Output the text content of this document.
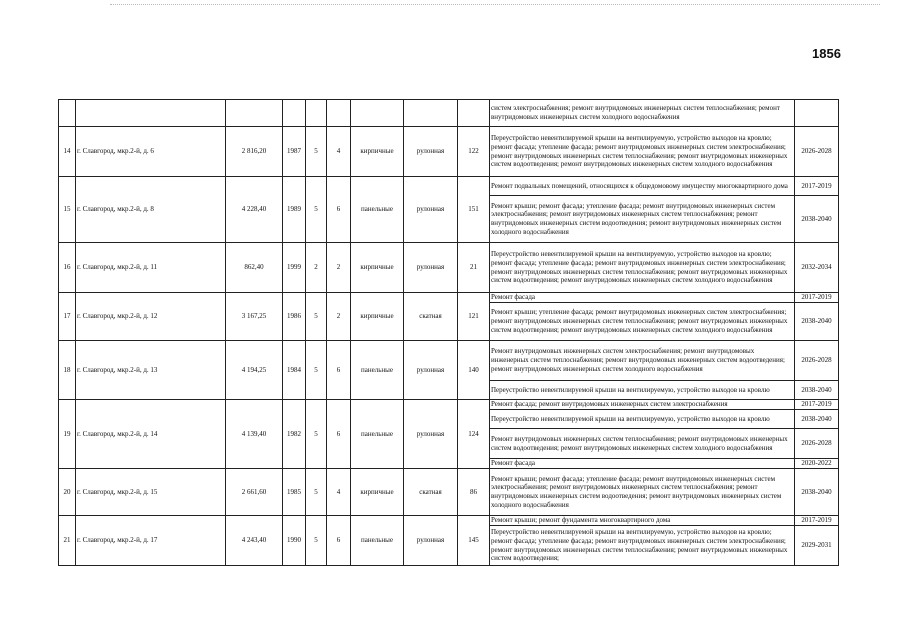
1856
									систем электроснабжения; ремонт внутридомовых инженерных систем теплоснабжения; ремонт внутридомовых инженерных систем холодного водоснабжения	
14	г. Славгород, мкр.2-й, д. 6	2 816,20	1987	5	4	кирпичные	рулонная	122	Переустройство невентилируемой крыши на вентилируемую, устройство выходов на кровлю; ремонт фасада; утепление фасада; ремонт внутридомовых инженерных систем электроснабжения; ремонт внутридомовых инженерных систем теплоснабжения; ремонт внутридомовых инженерных систем водоотведения; ремонт внутридомовых инженерных систем холодного водоснабжения	2026-2028
15	г. Славгород, мкр.2-й, д. 8	4 228,40	1989	5	6	панельные	рулонная	151	Ремонт подвальных помещений, относящихся к общедомовому имуществу многоквартирного дома	2017-2019
									Ремонт крыши; ремонт фасада; утепление фасада; ремонт внутридомовых инженерных систем электроснабжения; ремонт внутридомовых инженерных систем теплоснабжения; ремонт внутридомовых инженерных систем водоотведения; ремонт внутридомовых инженерных систем холодного водоснабжения	2038-2040
16	г. Славгород, мкр.2-й, д. 11	862,40	1999	2	2	кирпичные	рулонная	21	Переустройство невентилируемой крыши на вентилируемую, устройство выходов на кровлю; ремонт фасада; утепление фасада; ремонт внутридомовых инженерных систем электроснабжения; ремонт внутридомовых инженерных систем теплоснабжения; ремонт внутридомовых инженерных систем водоотведения; ремонт внутридомовых инженерных систем холодного водоснабжения	2032-2034
17	г. Славгород, мкр.2-й, д. 12	3 167,25	1986	5	2	кирпичные	скатная	121	Ремонт фасада	2017-2019
									Ремонт крыши; утепление фасада; ремонт внутридомовых инженерных систем электроснабжения; ремонт внутридомовых инженерных систем теплоснабжения; ремонт внутридомовых инженерных систем водоотведения; ремонт внутридомовых инженерных систем холодного водоснабжения	2038-2040
18	г. Славгород, мкр.2-й, д. 13	4 194,25	1984	5	6	панельные	рулонная	140	Ремонт внутридомовых инженерных систем электроснабжения; ремонт внутридомовых инженерных систем теплоснабжения; ремонт внутридомовых инженерных систем водоотведения; ремонт внутридомовых инженерных систем холодного водоснабжения	2026-2028
									Переустройство невентилируемой крыши на вентилируемую, устройство выходов на кровлю	2038-2040
19	г. Славгород, мкр.2-й, д. 14	4 139,40	1982	5	6	панельные	рулонная	124	Ремонт фасада; ремонт внутридомовых инженерных систем электроснабжения	2017-2019
									Переустройство невентилируемой крыши на вентилируемую, устройство выходов на кровлю	2038-2040
									Ремонт внутридомовых инженерных систем теплоснабжения; ремонт внутридомовых инженерных систем водоотведения; ремонт внутридомовых инженерных систем холодного водоснабжения	2026-2028
									Ремонт фасада	2020-2022
20	г. Славгород, мкр.2-й, д. 15	2 661,60	1985	5	4	кирпичные	скатная	86	Ремонт крыши; ремонт фасада; утепление фасада; ремонт внутридомовых инженерных систем электроснабжения; ремонт внутридомовых инженерных систем теплоснабжения; ремонт внутридомовых инженерных систем водоотведения; ремонт внутридомовых инженерных систем холодного водоснабжения	2038-2040
21	г. Славгород, мкр.2-й, д. 17	4 243,40	1990	5	6	панельные	рулонная	145	Ремонт крыши; ремонт фундамента многоквартирного дома	2017-2019
									Переустройство невентилируемой крыши на вентилируемую, устройство выходов на кровлю; ремонт фасада; утепление фасада; ремонт внутридомовых инженерных систем электроснабжения; ремонт внутридомовых инженерных систем теплоснабжения; ремонт внутридомовых инженерных систем водоотведения;	2029-2031
